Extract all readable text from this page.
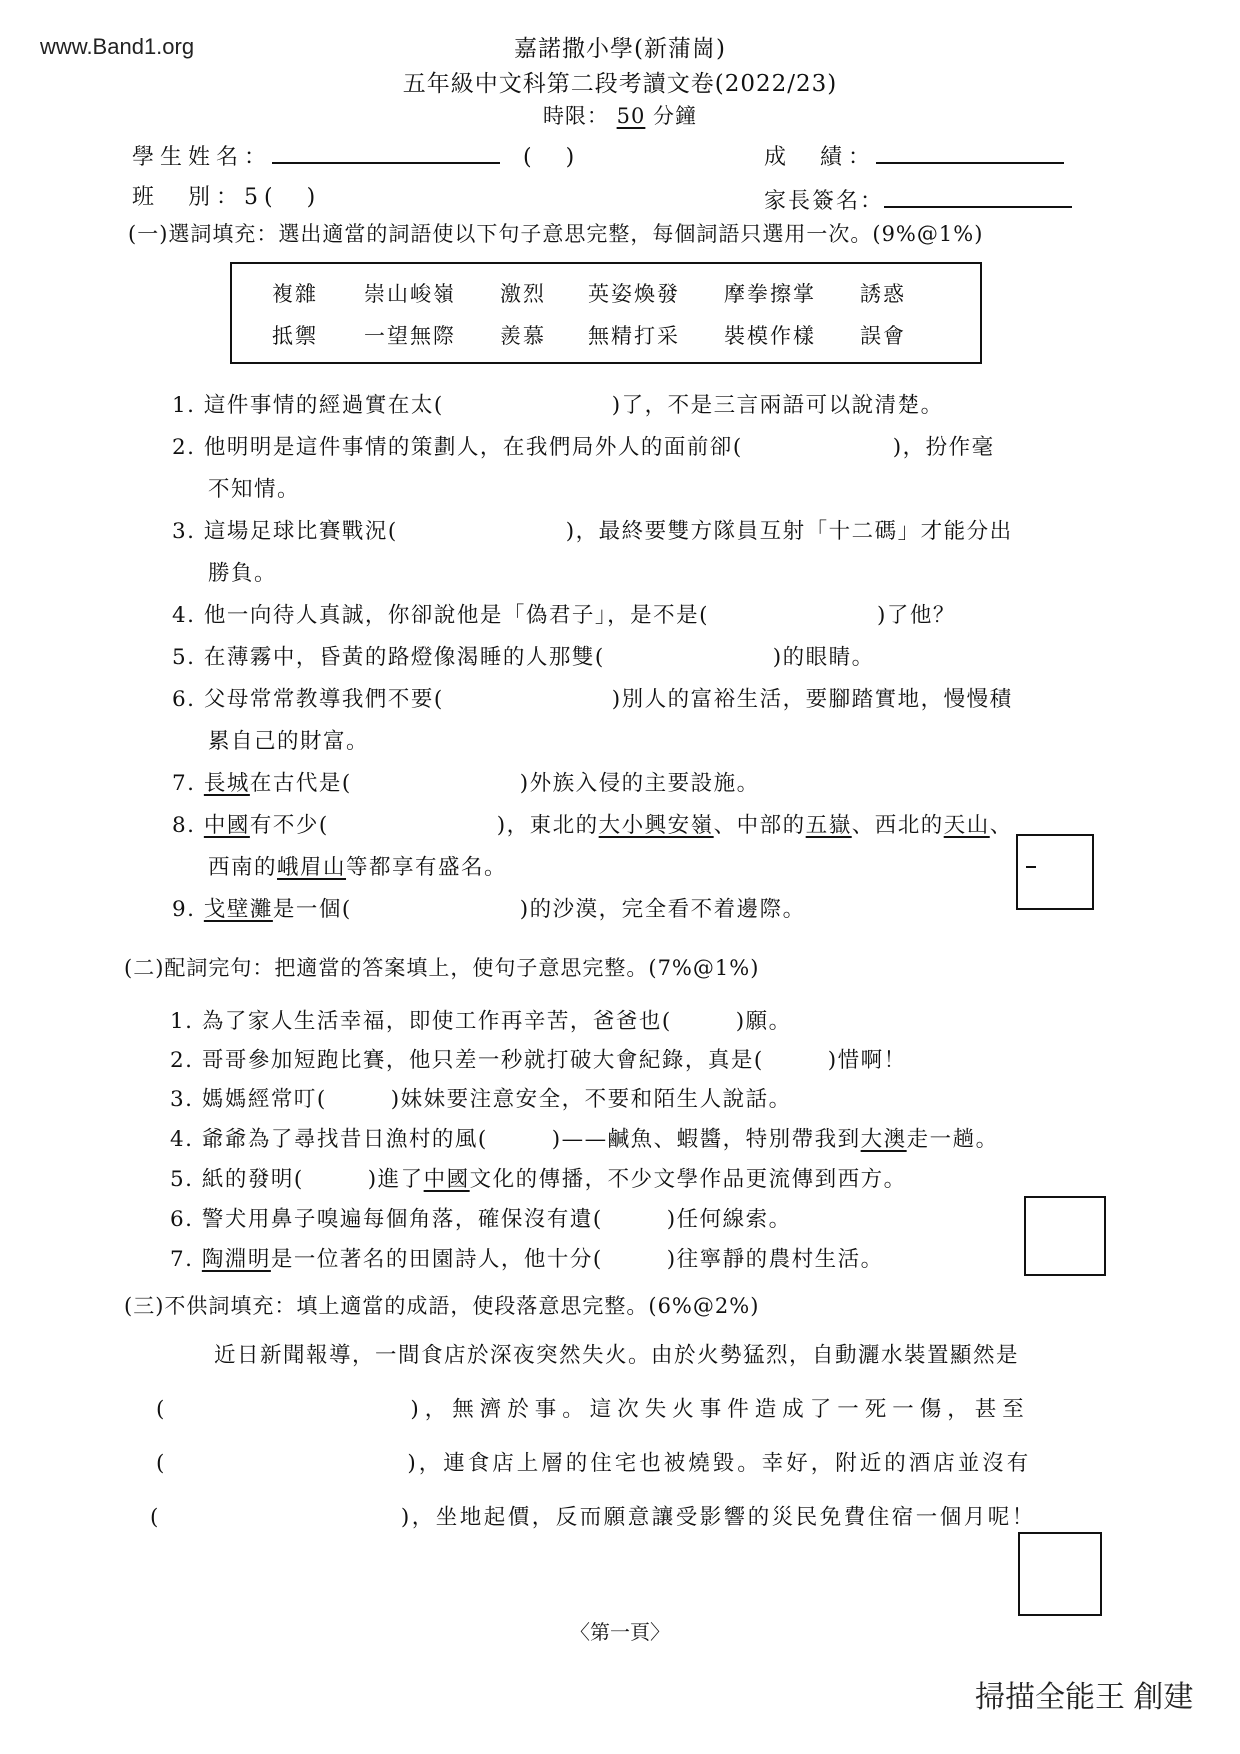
www.Band1.org	嘉諾撒小學(新蒲崗)
五年級中文科第二段考讀文卷(2022/23)
時限： 50 分鐘
學生姓名：	(　)	成　績：
班　別：5(　)	家長簽名：
(一)選詞填充：選出適當的詞語使以下句子意思完整，每個詞語只選用一次。(9%@1%)
複雜 崇山峻嶺 激烈 英姿煥發 摩拳擦掌 誘惑
抵禦 一望無際 羨慕 無精打采 裝模作樣 誤會
1. 這件事情的經過實在太(	)了，不是三言兩語可以說清楚。
2. 他明明是這件事情的策劃人，在我們局外人的面前卻(	)，扮作毫
不知情。
3. 這場足球比賽戰況(	)，最終要雙方隊員互射「十二碼」才能分出
勝負。
4. 他一向待人真誠，你卻說他是「偽君子」，是不是(	)了他？
5. 在薄霧中，昏黃的路燈像渴睡的人那雙(	)的眼睛。
6. 父母常常教導我們不要(	)別人的富裕生活，要腳踏實地，慢慢積
累自己的財富。
7. 長城在古代是(	)外族入侵的主要設施。
8. 中國有不少(	)，東北的大小興安嶺、中部的五嶽、西北的天山、
西南的峨眉山等都享有盛名。
9. 戈壁灘是一個(	)的沙漠，完全看不着邊際。
(二)配詞完句：把適當的答案填上，使句子意思完整。(7%@1%)
1. 為了家人生活幸福，即使工作再辛苦，爸爸也(	)願。
2. 哥哥參加短跑比賽，他只差一秒就打破大會紀錄，真是(	)惜啊！
3. 媽媽經常叮(	)妹妹要注意安全，不要和陌生人說話。
4. 爺爺為了尋找昔日漁村的風(	)——鹹魚、蝦醬，特別帶我到大澳走一趟。
5. 紙的發明(	)進了中國文化的傳播，不少文學作品更流傳到西方。
6. 警犬用鼻子嗅遍每個角落，確保沒有遺(	)任何線索。
7. 陶淵明是一位著名的田園詩人，他十分(	)往寧靜的農村生活。
(三)不供詞填充：填上適當的成語，使段落意思完整。(6%@2%)
近日新聞報導，一間食店於深夜突然失火。由於火勢猛烈，自動灑水裝置顯然是
(	)，無濟於事。這次失火事件造成了一死一傷，甚至
(	)，連食店上層的住宅也被燒毀。幸好，附近的酒店並沒有
(	)，坐地起價，反而願意讓受影響的災民免費住宿一個月呢！
〈第一頁〉
掃描全能王 創建
